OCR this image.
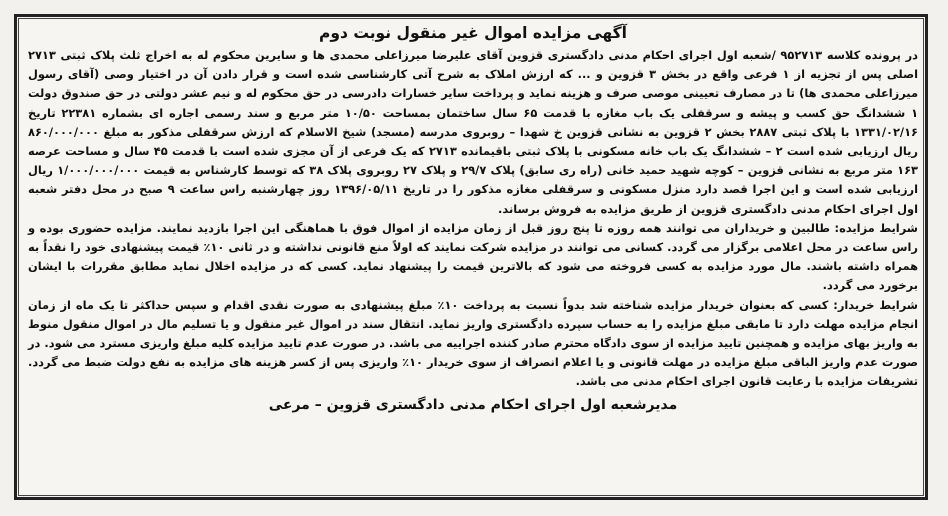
آگهی مزایده اموال غیر منقول نوبت دوم
در پرونده کلاسه ۹۵۲۷۱۳ /شعبه اول اجرای احکام مدنی دادگستری قزوین آقای علیرضا میرزاعلی محمدی ها و سایرین محکوم له به اخراج ثلث پلاک ثبتی ۲۷۱۳ اصلی پس از تجزیه از ۱ فرعی واقع در بخش ۳ قزوین و ... که ارزش املاک به شرح آتی کارشناسی شده است و قرار دادن آن در اختیار وصی (آقای رسول میرزاعلی محمدی ها) تا در مصارف تعیینی موصی صرف و هزینه نماید و پرداخت سایر خسارات دادرسی در حق محکوم له و نیم عشر دولتی در حق صندوق دولت ۱ ششدانگ حق کسب و پیشه و سرقفلی یک باب مغازه با قدمت ۶۵ سال ساختمان بمساحت ۱۰/۵۰ متر مربع و سند رسمی اجاره ای بشماره ۲۲۳۸۱ تاریخ ۱۳۳۱/۰۲/۱۶ با پلاک ثبتی ۲۸۸۷ بخش ۲ قزوین به نشانی قزوین خ شهدا – روبروی مدرسه (مسجد) شیخ الاسلام که ارزش سرقفلی مذکور به مبلغ ۸۶۰/۰۰۰/۰۰۰ ریال ارزیابی شده است ۲ – ششدانگ یک باب خانه مسکونی با پلاک ثبتی باقیمانده ۲۷۱۳ که یک فرعی از آن مجزی شده است با قدمت ۴۵ سال و مساحت عرصه ۱۶۳ متر مربع به نشانی قزوین – کوچه شهید حمید خانی (راه ری سابق) پلاک ۲۹/۷ و پلاک ۲۷ روبروی پلاک ۳۸ که توسط کارشناس به قیمت ۱/۰۰۰/۰۰۰/۰۰۰ ریال ارزیابی شده است و این اجرا قصد دارد منزل مسکونی و سرقفلی مغازه مذکور را در تاریخ ۱۳۹۶/۰۵/۱۱ روز چهارشنبه راس ساعت ۹ صبح در محل دفتر شعبه اول اجرای احکام مدنی دادگستری قزوین از طریق مزایده به فروش برساند.
شرایط مزایده: طالبین و خریداران می توانند همه روزه تا پنج روز قبل از زمان مزایده از اموال فوق با هماهنگی این اجرا بازدید نمایند. مزایده حضوری بوده و راس ساعت در محل اعلامی برگزار می گردد. کسانی می توانند در مزایده شرکت نمایند که اولاً منع قانونی نداشته و در ثانی ۱۰٪ قیمت پیشنهادی خود را نقداً به همراه داشته باشند. مال مورد مزایده به کسی فروخته می شود که بالاترین قیمت را پیشنهاد نماید. کسی که در مزایده اخلال نماید مطابق مقررات با ایشان برخورد می گردد.
شرایط خریدار: کسی که بعنوان خریدار مزایده شناخته شد بدواً نسبت به پرداخت ۱۰٪ مبلغ پیشنهادی به صورت نقدی اقدام و سپس حداکثر تا یک ماه از زمان انجام مزایده مهلت دارد تا مابقی مبلغ مزایده را به حساب سپرده دادگستری واریز نماید. انتقال سند در اموال غیر منقول و یا تسلیم مال در اموال منقول منوط به واریز بهای مزایده و همچنین تایید مزایده از سوی دادگاه محترم صادر کننده اجراییه می باشد. در صورت عدم تایید مزایده کلیه مبلغ واریزی مسترد می شود. در صورت عدم واریز الباقی مبلغ مزایده در مهلت قانونی و یا اعلام انصراف از سوی خریدار ۱۰٪ واریزی پس از کسر هزینه های مزایده به نفع دولت ضبط می گردد. تشریفات مزایده با رعایت قانون اجرای احکام مدنی می باشد.
مدیرشعبه اول اجرای احکام مدنی دادگستری قزوین – مرعی
